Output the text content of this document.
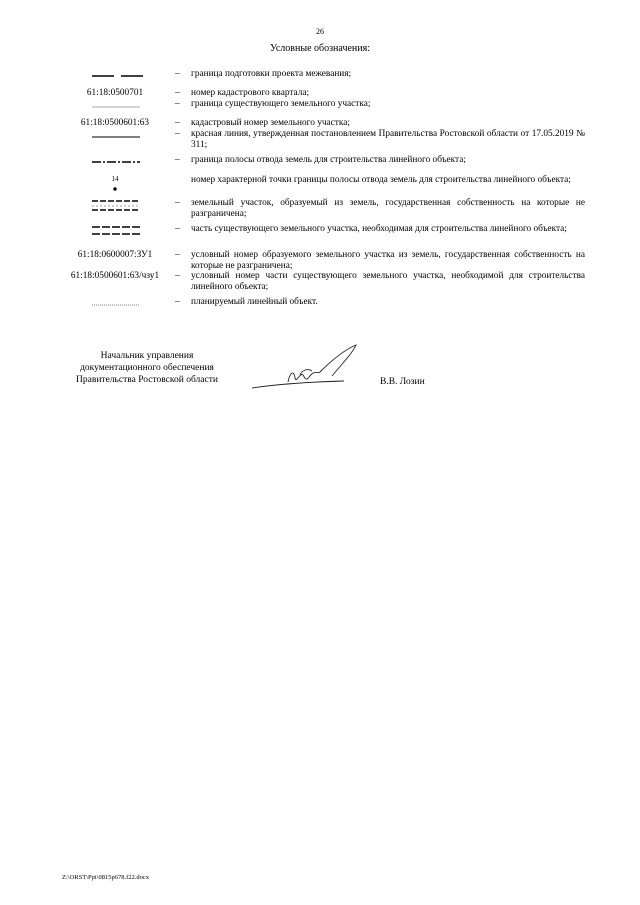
26
Условные обозначения:
–	граница подготовки проекта межевания;
61:18:0500701	–	номер кадастрового квартала;
–	граница существующего земельного участка;
61:18:0500601:63	–	кадастровый номер земельного участка;
–	красная линия, утвержденная постановлением Правительства Ростовской области от 17.05.2019 № 311;
–	граница полосы отвода земель для строительства линейного объекта;
14	номер характерной точки границы полосы отвода земель для строительства линейного объекта;
–	земельный участок, образуемый из земель, государственная собственность на которые не разграничена;
–	часть существующего земельного участка, необходимая для строительства линейного объекта;
61:18:0600007:ЗУ1	–	условный номер образуемого земельного участка из земель, государственная собственность на которые не разграничена;
61:18:0500601:63/чзу1	–	условный номер части существующего земельного участка, необходимой для строительства линейного объекта;
–	планируемый линейный объект.
Начальник управления
документационного обеспечения
Правительства Ростовской области	В.В. Лозин
Z:\ORST\Ppi\0815p678.f22.docx
